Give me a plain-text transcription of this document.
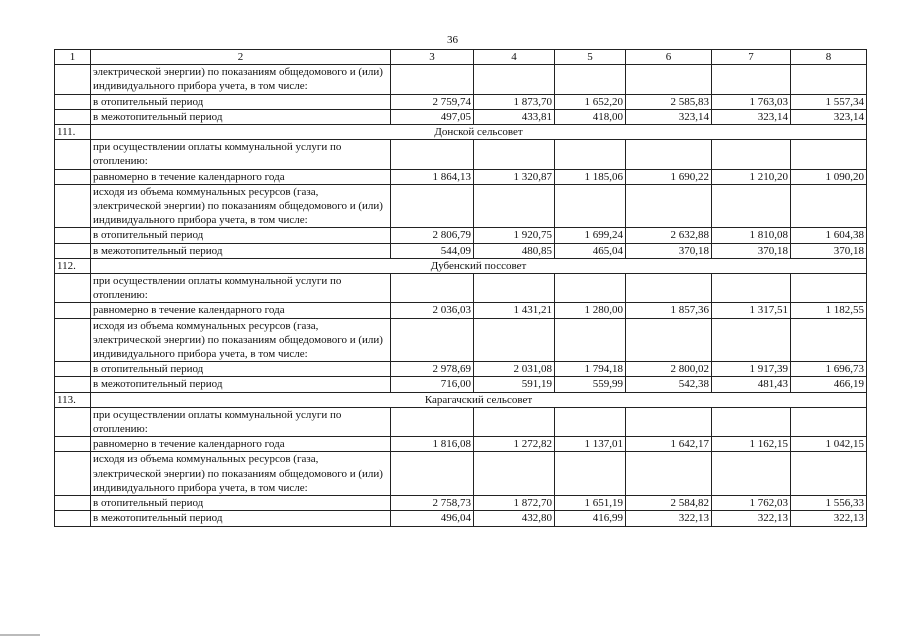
36
1	2	3	4	5	6	7	8
	электрической энергии) по показаниям общедомового и (или) индивидуального прибора учета, в том числе:						
	в отопительный период	2 759,74	1 873,70	1 652,20	2 585,83	1 763,03	1 557,34
	в межотопительный период	497,05	433,81	418,00	323,14	323,14	323,14
111.	Донской сельсовет						
	при осуществлении оплаты коммунальной услуги по отоплению:						
	равномерно в течение календарного года	1 864,13	1 320,87	1 185,06	1 690,22	1 210,20	1 090,20
	исходя из объема коммунальных ресурсов (газа, электрической энергии) по показаниям общедомового и (или) индивидуального прибора учета, в том числе:						
	в отопительный период	2 806,79	1 920,75	1 699,24	2 632,88	1 810,08	1 604,38
	в межотопительный период	544,09	480,85	465,04	370,18	370,18	370,18
112.	Дубенский поссовет						
	при осуществлении оплаты коммунальной услуги по отоплению:						
	равномерно в течение календарного года	2 036,03	1 431,21	1 280,00	1 857,36	1 317,51	1 182,55
	исходя из объема коммунальных ресурсов (газа, электрической энергии) по показаниям общедомового и (или) индивидуального прибора учета, в том числе:						
	в отопительный период	2 978,69	2 031,08	1 794,18	2 800,02	1 917,39	1 696,73
	в межотопительный период	716,00	591,19	559,99	542,38	481,43	466,19
113.	Карагачский сельсовет						
	при осуществлении оплаты коммунальной услуги по отоплению:						
	равномерно в течение календарного года	1 816,08	1 272,82	1 137,01	1 642,17	1 162,15	1 042,15
	исходя из объема коммунальных ресурсов (газа, электрической энергии) по показаниям общедомового и (или) индивидуального прибора учета, в том числе:						
	в отопительный период	2 758,73	1 872,70	1 651,19	2 584,82	1 762,03	1 556,33
	в межотопительный период	496,04	432,80	416,99	322,13	322,13	322,13
